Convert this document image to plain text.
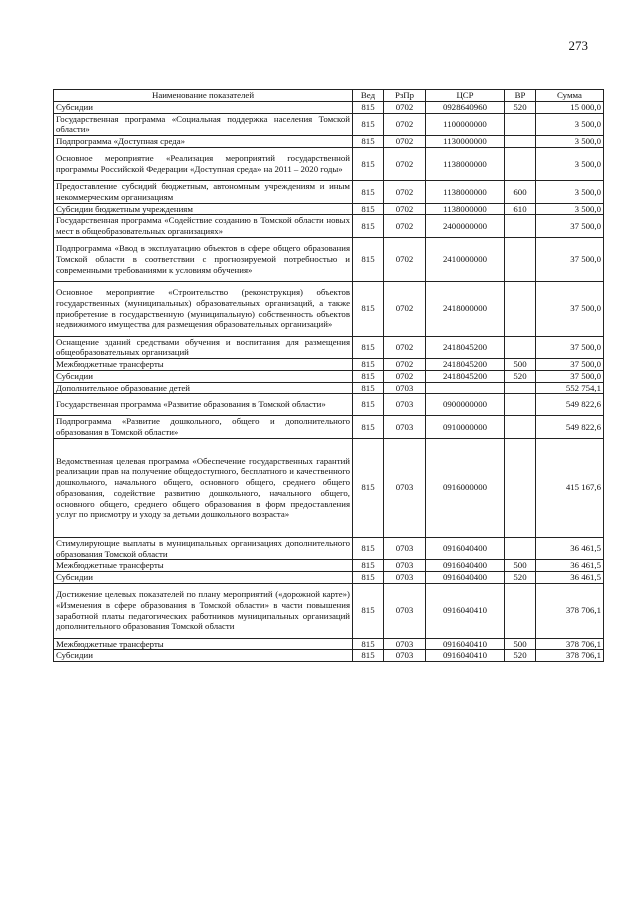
273
Наименование показателей	Вед	РзПр	ЦСР	ВР	Сумма
Субсидии	815	0702	0928640960	520	15 000,0
Государственная программа «Социальная поддержка населения Томской области»	815	0702	1100000000		3 500,0
Подпрограмма «Доступная среда»	815	0702	1130000000		3 500,0
Основное мероприятие «Реализация мероприятий государственной программы Российской Федерации «Доступная среда» на 2011 – 2020 годы»	815	0702	1138000000		3 500,0
Предоставление субсидий бюджетным, автономным учреждениям и иным некоммерческим организациям	815	0702	1138000000	600	3 500,0
Субсидии бюджетным учреждениям	815	0702	1138000000	610	3 500,0
Государственная программа «Содействие созданию в Томской области новых мест в общеобразовательных организациях»	815	0702	2400000000		37 500,0
Подпрограмма «Ввод в эксплуатацию объектов в сфере общего образования Томской области в соответствии с прогнозируемой потребностью и современными требованиями к условиям обучения»	815	0702	2410000000		37 500,0
Основное мероприятие «Строительство (реконструкция) объектов государственных (муниципальных) образовательных организаций, а также приобретение в государственную (муниципальную) собственность объектов недвижимого имущества для размещения образовательных организаций»	815	0702	2418000000		37 500,0
Оснащение зданий средствами обучения и воспитания для размещения общеобразовательных организаций	815	0702	2418045200		37 500,0
Межбюджетные трансферты	815	0702	2418045200	500	37 500,0
Субсидии	815	0702	2418045200	520	37 500,0
Дополнительное образование детей	815	0703			552 754,1
Государственная программа «Развитие образования в Томской области»	815	0703	0900000000		549 822,6
Подпрограмма «Развитие дошкольного, общего и дополнительного образования в Томской области»	815	0703	0910000000		549 822,6
Ведомственная целевая программа «Обеспечение государственных гарантий реализации прав на получение общедоступного, бесплатного и качественного дошкольного, начального общего, основного общего, среднего общего образования, содействие развитию дошкольного, начального общего, основного общего, среднего общего образования в форм предоставления услуг по присмотру и уходу за детьми дошкольного возраста»	815	0703	0916000000		415 167,6
Стимулирующие выплаты в муниципальных организациях дополнительного образования Томской области	815	0703	0916040400		36 461,5
Межбюджетные трансферты	815	0703	0916040400	500	36 461,5
Субсидии	815	0703	0916040400	520	36 461,5
Достижение целевых показателей по плану мероприятий («дорожной карте») «Изменения в сфере образования в Томской области» в части повышения заработной платы педагогических работников муниципальных организаций дополнительного образования Томской области	815	0703	0916040410		378 706,1
Межбюджетные трансферты	815	0703	0916040410	500	378 706,1
Субсидии	815	0703	0916040410	520	378 706,1
